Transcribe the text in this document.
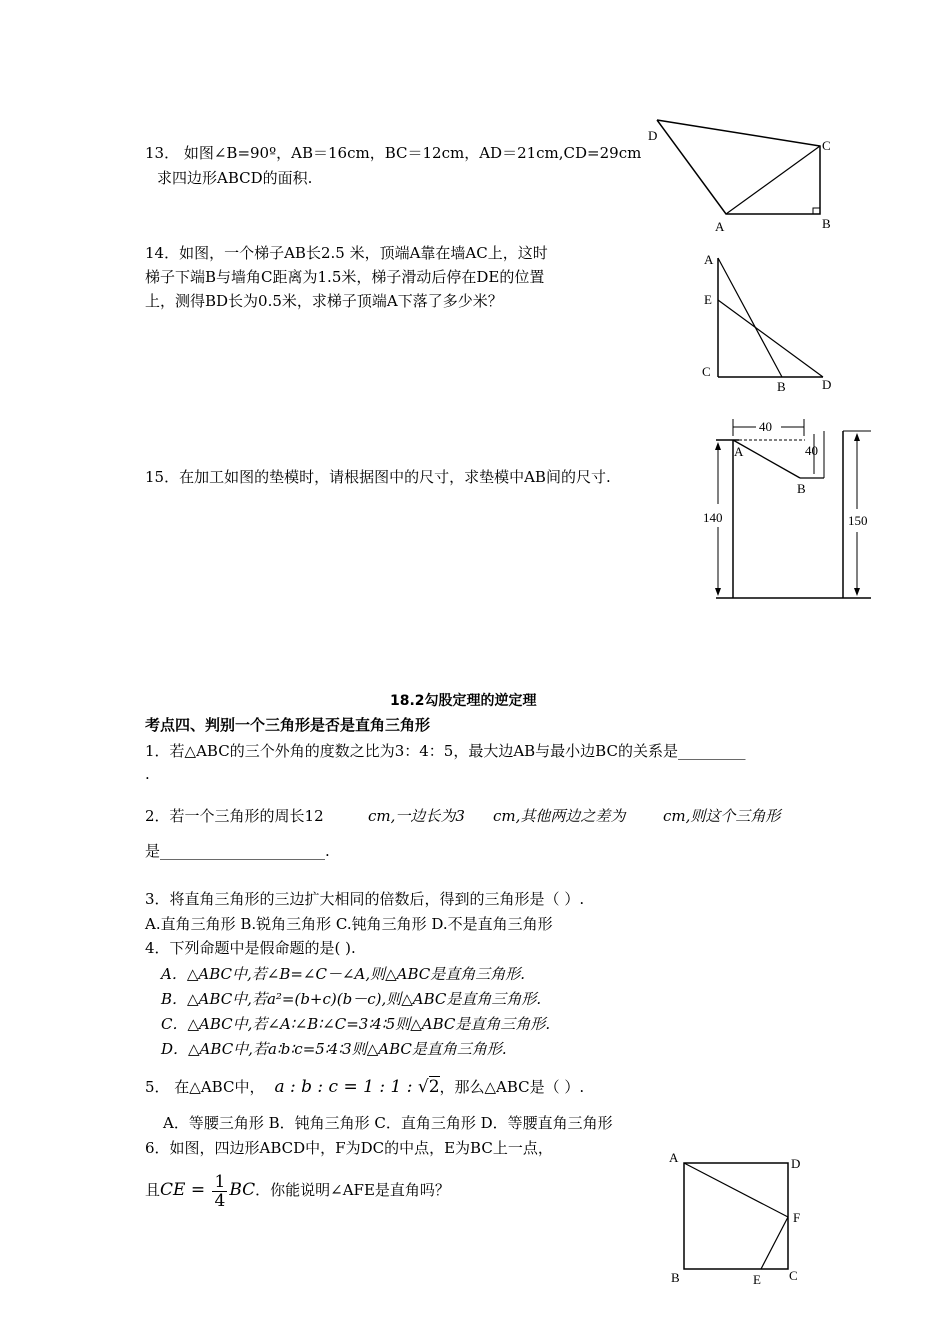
13． 如图∠B=90º，AB＝16cm，BC＝12cm，AD＝21cm,CD=29cm
求四边形ABCD的面积.
D
C
A	B
14．如图，一个梯子AB长2.5 米，顶端A靠在墙AC上，这时
梯子下端B与墙角C距离为1.5米，梯子滑动后停在DE的位置
上，测得BD长为0.5米，求梯子顶端A下落了多少米？
A
E
C
B	D
15．在加工如图的垫模时，请根据图中的尺寸，求垫模中AB间的尺寸.
40
40
140	150
A
B
18.2勾股定理的逆定理
考点四、判别一个三角形是否是直角三角形
1．若△ABC的三个外角的度数之比为3：4：5，最大边AB与最小边BC的关系是_________
.
2．若一个三角形的周长12	cm,一边长为3 cm,其他两边之差为	cm,则这个三角形
是______________________.
3．将直角三角形的三边扩大相同的倍数后，得到的三角形是（ ）.
A.直角三角形 B.锐角三角形 C.钝角三角形 D.不是直角三角形
4．下列命题中是假命题的是( ).
A．△ABC中,若∠B=∠C－∠A,则△ABC是直角三角形.
B．△ABC中,若a²=(b+c)(b－c),则△ABC是直角三角形.
C．△ABC中,若∠A∶∠B∶∠C=3∶4∶5则△ABC是直角三角形.
D．△ABC中,若a∶b∶c=5∶4∶3则△ABC是直角三角形.
5． 在△ABC中， a : b : c = 1 : 1 : √2，那么△ABC是（ ）.
A．等腰三角形 B．钝角三角形 C．直角三角形 D．等腰直角三角形
6．如图，四边形ABCD中，F为DC的中点，E为BC上一点，
且CE = $\frac{1}{4}$ BC．你能说明∠AFE是直角吗？
A	D
F
B	E C
